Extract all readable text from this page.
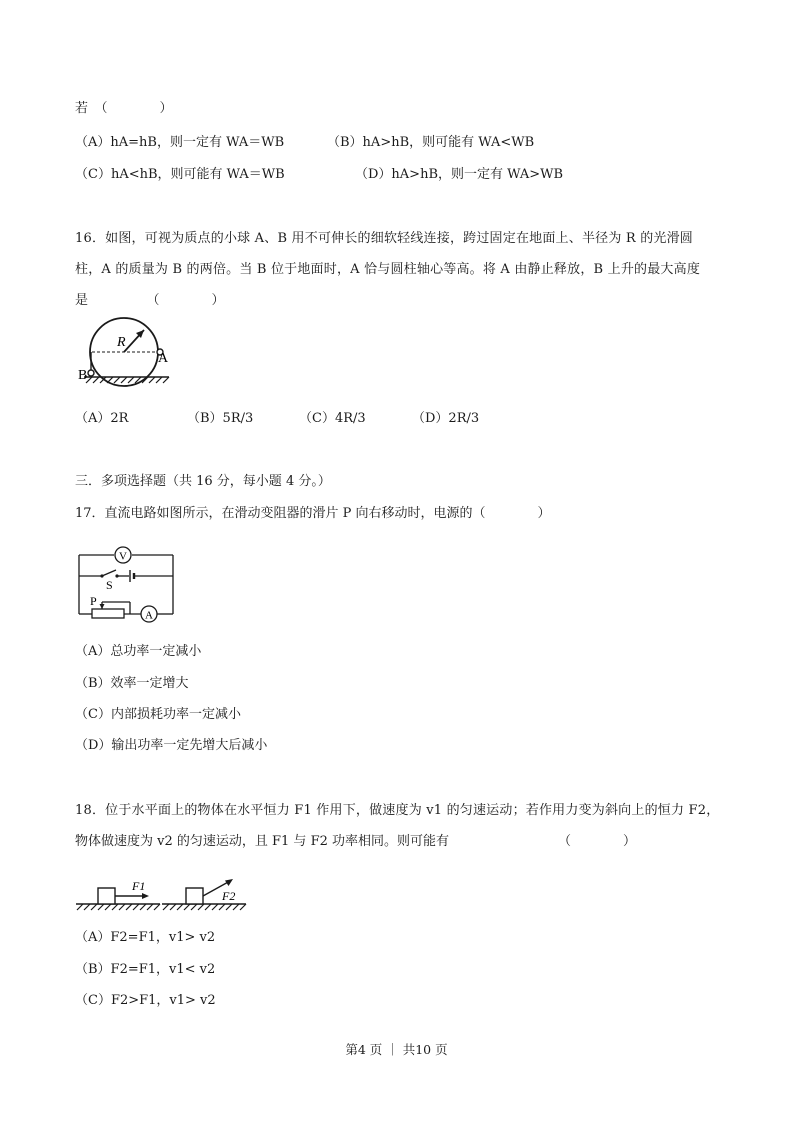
若　（　　　　）
（A）hA=hB，则一定有 WA＝WB	（B）hA>hB，则可能有 WA<WB
（C）hA<hB，则可能有 WA＝WB	（D）hA>hB，则一定有 WA>WB
16．如图，可视为质点的小球 A、B 用不可伸长的细软轻线连接，跨过固定在地面上、半径为 R 的光滑圆
柱，A 的质量为 B 的两倍。当 B 位于地面时，A 恰与圆柱轴心等高。将 A 由静止释放，B 上升的最大高度
是　　　　　（　　　　）
R
A
B
（A）2R	（B）5R/3	（C）4R/3	（D）2R/3
三．多项选择题（共 16 分，每小题 4 分。）
17．直流电路如图所示，在滑动变阻器的滑片 P 向右移动时，电源的（　　　　）
V
S
P
A
（A）总功率一定减小
（B）效率一定增大
（C）内部损耗功率一定减小
（D）输出功率一定先增大后减小
18．位于水平面上的物体在水平恒力 F1 作用下，做速度为 v1 的匀速运动；若作用力变为斜向上的恒力 F2，
物体做速度为 v2 的匀速运动，且 F1 与 F2 功率相同。则可能有	（　　　　）
F1
F2
（A）F2=F1，v1> v2
（B）F2=F1，v1< v2
（C）F2>F1，v1> v2
第4 页 ｜ 共10 页
